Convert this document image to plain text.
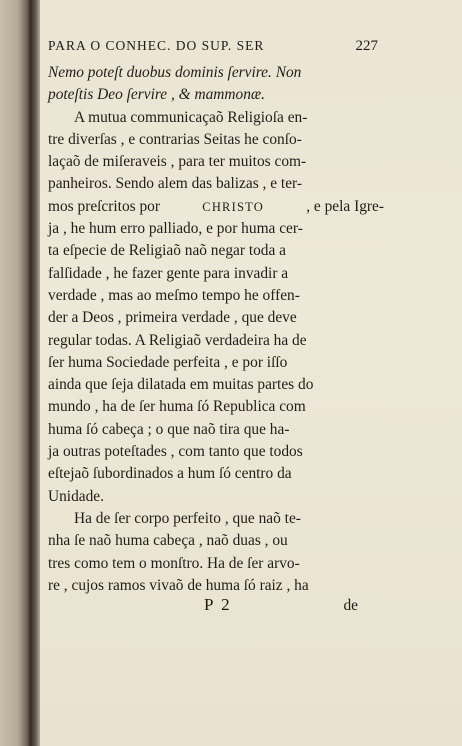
PARA O CONHEC. DO SUP. SER	227
Nemo poteſt duobus dominis ſervire. Non
poteſtis Deo ſervire , & mammonæ.
A mutua communicaçaõ Religioſa en-
tre diverſas , e contrarias Seitas he conſo-
laçaõ de miſeraveis , para ter muitos com-
panheiros. Sendo alem das balizas , e ter-
mos preſcritos por	CHRISTO	, e pela Igre-
ja , he hum erro palliado, e por huma cer-
ta eſpecie de Religiaõ naõ negar toda a
falſidade , he fazer gente para invadir a
verdade , mas ao meſmo tempo he offen-
der a Deos , primeira verdade , que deve
regular todas. A Religiaõ verdadeira ha de
ſer huma Sociedade perfeita , e por iſſo
ainda que ſeja dilatada em muitas partes do
mundo , ha de ſer huma ſó Republica com
huma ſó cabeça ; o que naõ tira que ha-
ja outras poteſtades , com tanto que todos
eſtejaõ ſubordinados a hum ſó centro da
Unidade.
Ha de ſer corpo perfeito , que naõ te-
nha ſe naõ huma cabeça , naõ duas , ou
tres como tem o monſtro. Ha de ſer arvo-
re , cujos ramos vivaõ de huma ſó raiz , ha
P 2	de
